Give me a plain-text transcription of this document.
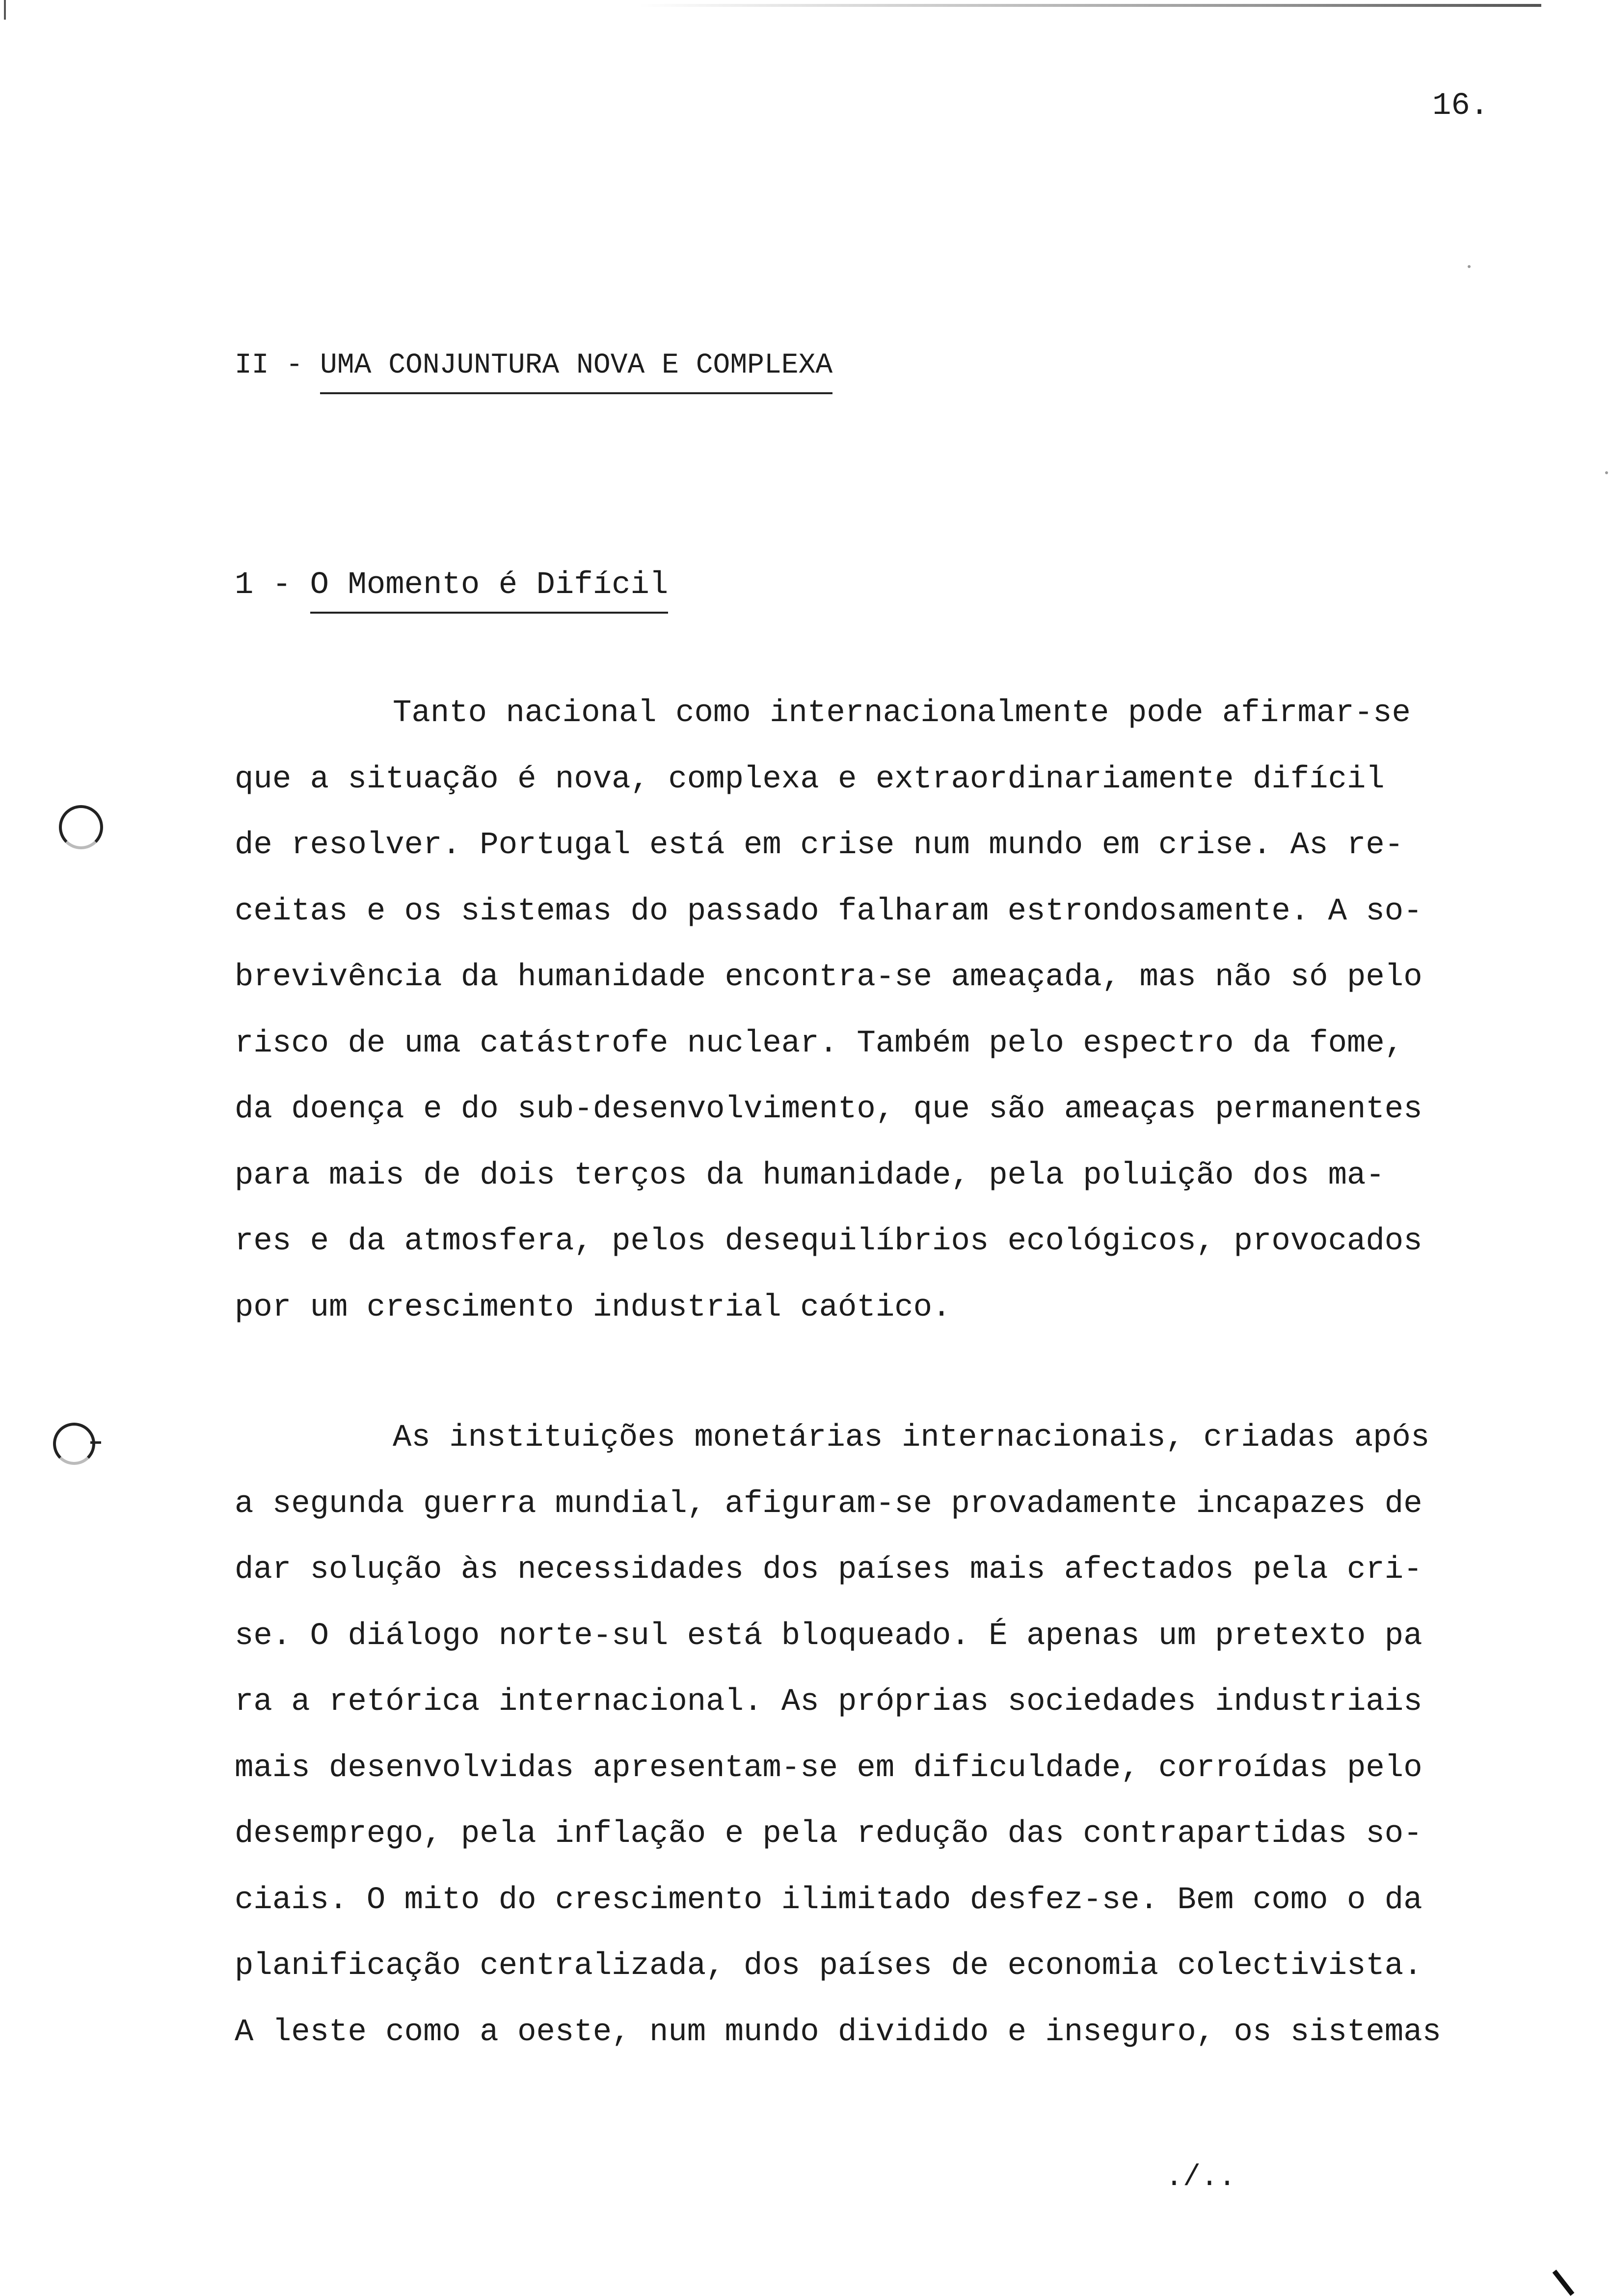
16.
II - UMA CONJUNTURA NOVA E COMPLEXA
1 - O Momento é Difícil
Tanto nacional como internacionalmente pode afirmar-se
que a situação é nova, complexa e extraordinariamente difícil
de resolver. Portugal está em crise num mundo em crise. As re-
ceitas e os sistemas do passado falharam estrondosamente. A so-
brevivência da humanidade encontra-se ameaçada, mas não só pelo
risco de uma catástrofe nuclear. Também pelo espectro da fome,
da doença e do sub-desenvolvimento, que são ameaças permanentes
para mais de dois terços da humanidade, pela poluição dos ma-
res e da atmosfera, pelos desequilíbrios ecológicos, provocados
por um crescimento industrial caótico.
As instituições monetárias internacionais, criadas após
a segunda guerra mundial, afiguram-se provadamente incapazes de
dar solução às necessidades dos países mais afectados pela cri-
se. O diálogo norte-sul está bloqueado. É apenas um pretexto pa
ra a retórica internacional. As próprias sociedades industriais
mais desenvolvidas apresentam-se em dificuldade, corroídas pelo
desemprego, pela inflação e pela redução das contrapartidas so-
ciais. O mito do crescimento ilimitado desfez-se. Bem como o da
planificação centralizada, dos países de economia colectivista.
A leste como a oeste, num mundo dividido e inseguro, os sistemas
./..
